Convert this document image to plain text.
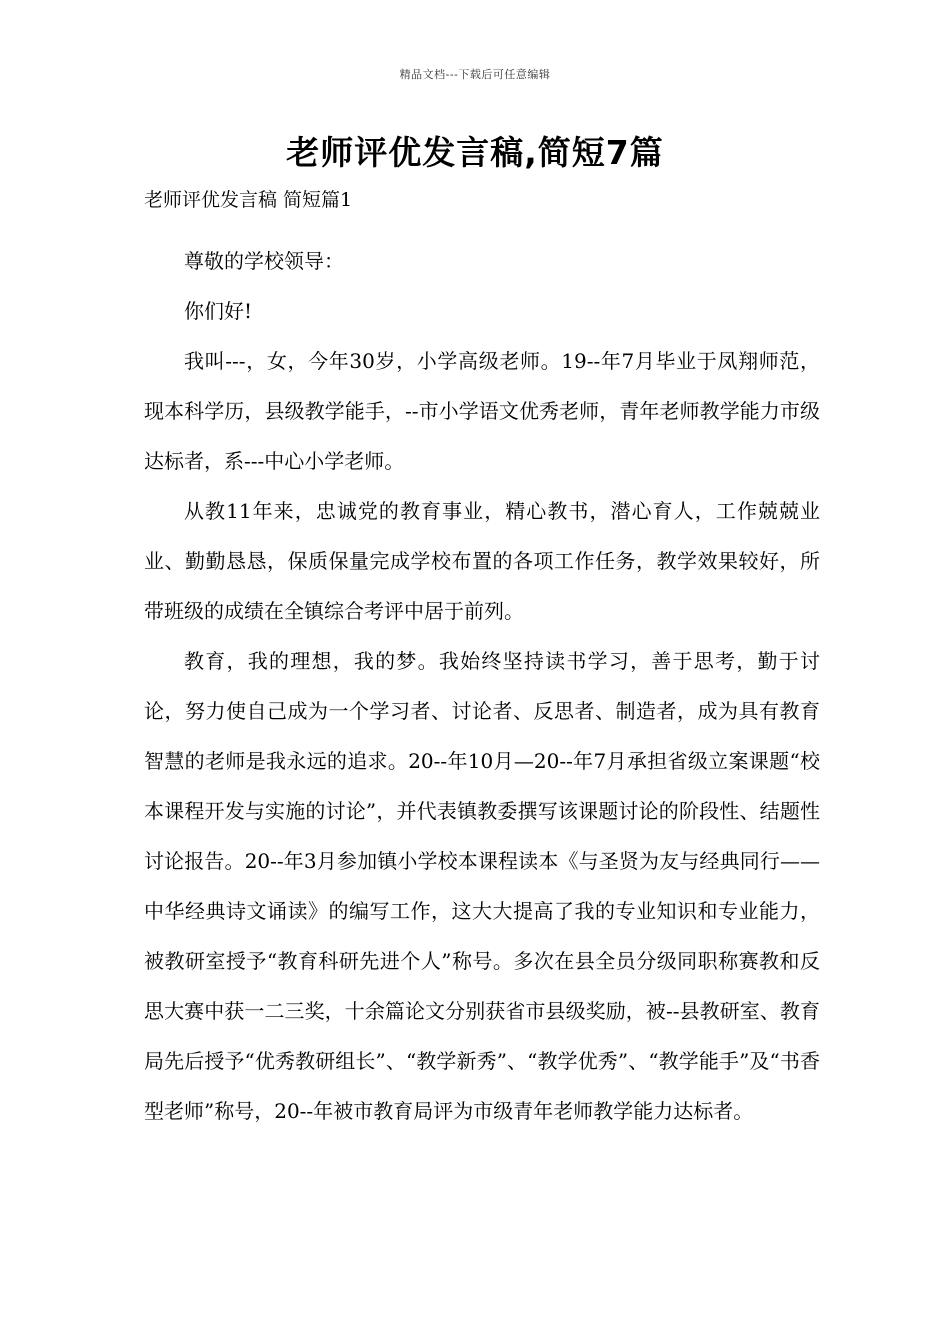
精品文档---下载后可任意编辑
老师评优发言稿,简短7篇
老师评优发言稿 简短篇1

尊敬的学校领导：

你们好!

我叫---，女，今年30岁，小学高级老师。19--年7月毕业于凤翔师范，现本科学历，县级教学能手，--市小学语文优秀老师，青年老师教学能力市级达标者，系---中心小学老师。

从教11年来，忠诚党的教育事业，精心教书，潜心育人，工作兢兢业业、勤勤恳恳，保质保量完成学校布置的各项工作任务，教学效果较好，所带班级的成绩在全镇综合考评中居于前列。

教育，我的理想，我的梦。我始终坚持读书学习，善于思考，勤于讨论，努力使自己成为一个学习者、讨论者、反思者、制造者，成为具有教育智慧的老师是我永远的追求。20--年10月—20--年7月承担省级立案课题“校本课程开发与实施的讨论”，并代表镇教委撰写该课题讨论的阶段性、结题性讨论报告。20--年3月参加镇小学校本课程读本《与圣贤为友与经典同行——中华经典诗文诵读》的编写工作，这大大提高了我的专业知识和专业能力，被教研室授予“教育科研先进个人”称号。多次在县全员分级同职称赛教和反思大赛中获一二三奖，十余篇论文分别获省市县级奖励，被--县教研室、教育局先后授予“优秀教研组长”、“教学新秀”、“教学优秀”、“教学能手”及“书香型老师”称号，20--年被市教育局评为市级青年老师教学能力达标者。
